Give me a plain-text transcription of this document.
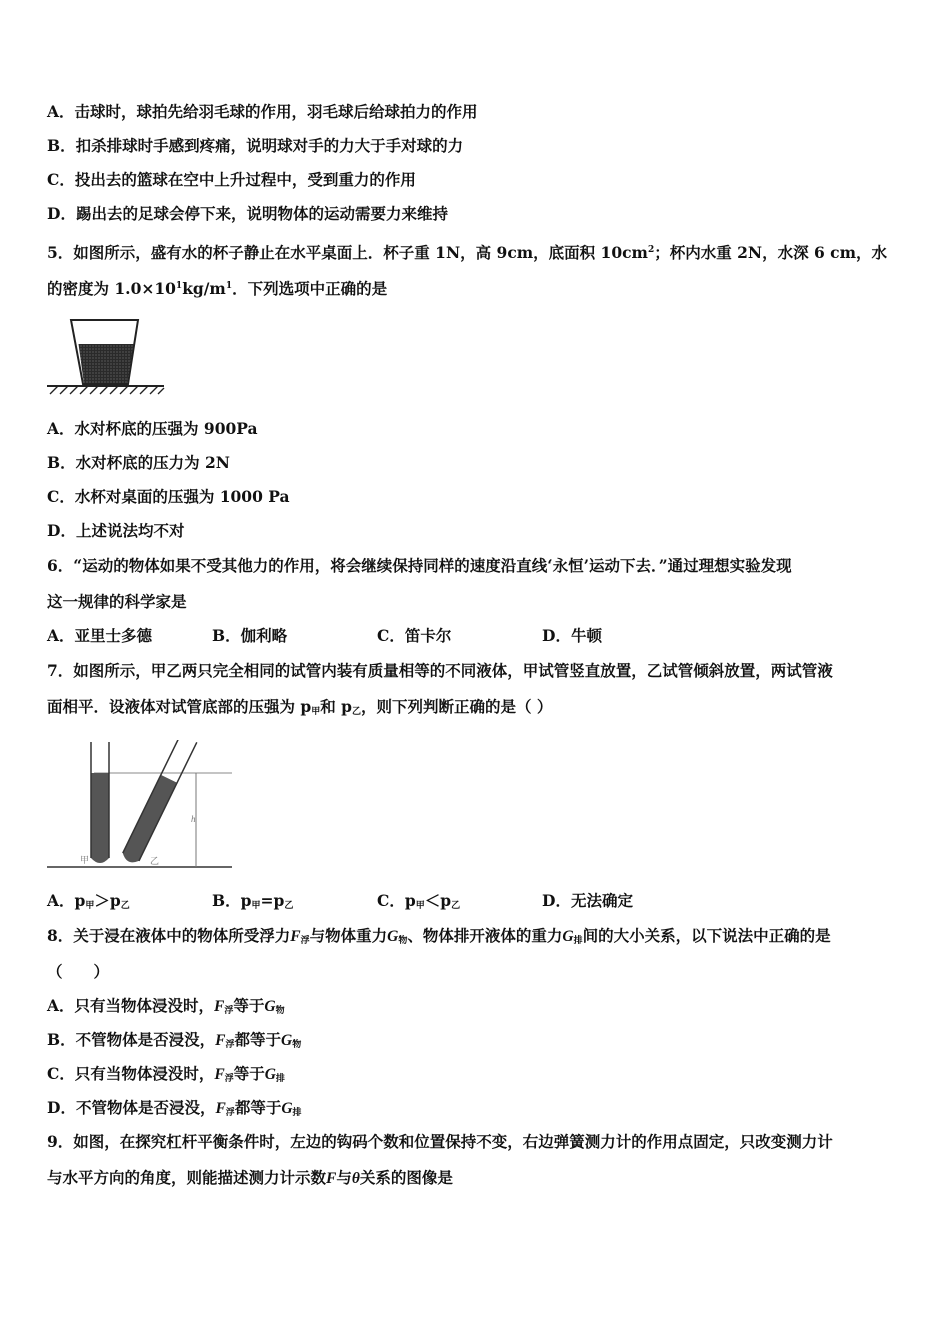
A．击球时，球拍先给羽毛球的作用，羽毛球后给球拍力的作用
B．扣杀排球时手感到疼痛，说明球对手的力大于手对球的力
C．投出去的篮球在空中上升过程中，受到重力的作用
D．踢出去的足球会停下来，说明物体的运动需要力来维持
5．如图所示，盛有水的杯子静止在水平桌面上．杯子重 1N，高 9cm，底面积 $10cm^2$；杯内水重 2N，水深 6 cm，水
的密度为 $1.0\times 10^1kg/m^1$．下列选项中正确的是
A．水对杯底的压强为 900Pa
B．水对杯底的压力为 2N
C．水杯对桌面的压强为 1000 Pa
D．上述说法均不对
6．“运动的物体如果不受其他力的作用，将会继续保持同样的速度沿直线‘永恒’运动下去．”通过理想实验发现
这一规律的科学家是
A．亚里士多德	B．伽利略	C．笛卡尔	D．牛顿
7．如图所示，甲乙两只完全相同的试管内装有质量相等的不同液体，甲试管竖直放置，乙试管倾斜放置，两试管液
面相平．设液体对试管底部的压强为 $p_甲$和 $p_乙$，则下列判断正确的是（ ）
h
甲	乙
A．$p_甲>p_乙$	B．$p_甲=p_乙$	C．$p_甲<p_乙$	D．无法确定
8．关于浸在液体中的物体所受浮力$F_浮$与物体重力$G_物$、物体排开液体的重力$G_排$间的大小关系，以下说法中正确的是
（　　）
A．只有当物体浸没时，$F_浮$等于$G_物$
B．不管物体是否浸没，$F_浮$都等于$G_物$
C．只有当物体浸没时，$F_浮$等于$G_排$
D．不管物体是否浸没，$F_浮$都等于$G_排$
9．如图，在探究杠杆平衡条件时，左边的钩码个数和位置保持不变，右边弹簧测力计的作用点固定，只改变测力计
与水平方向的角度，则能描述测力计示数F与θ关系的图像是
